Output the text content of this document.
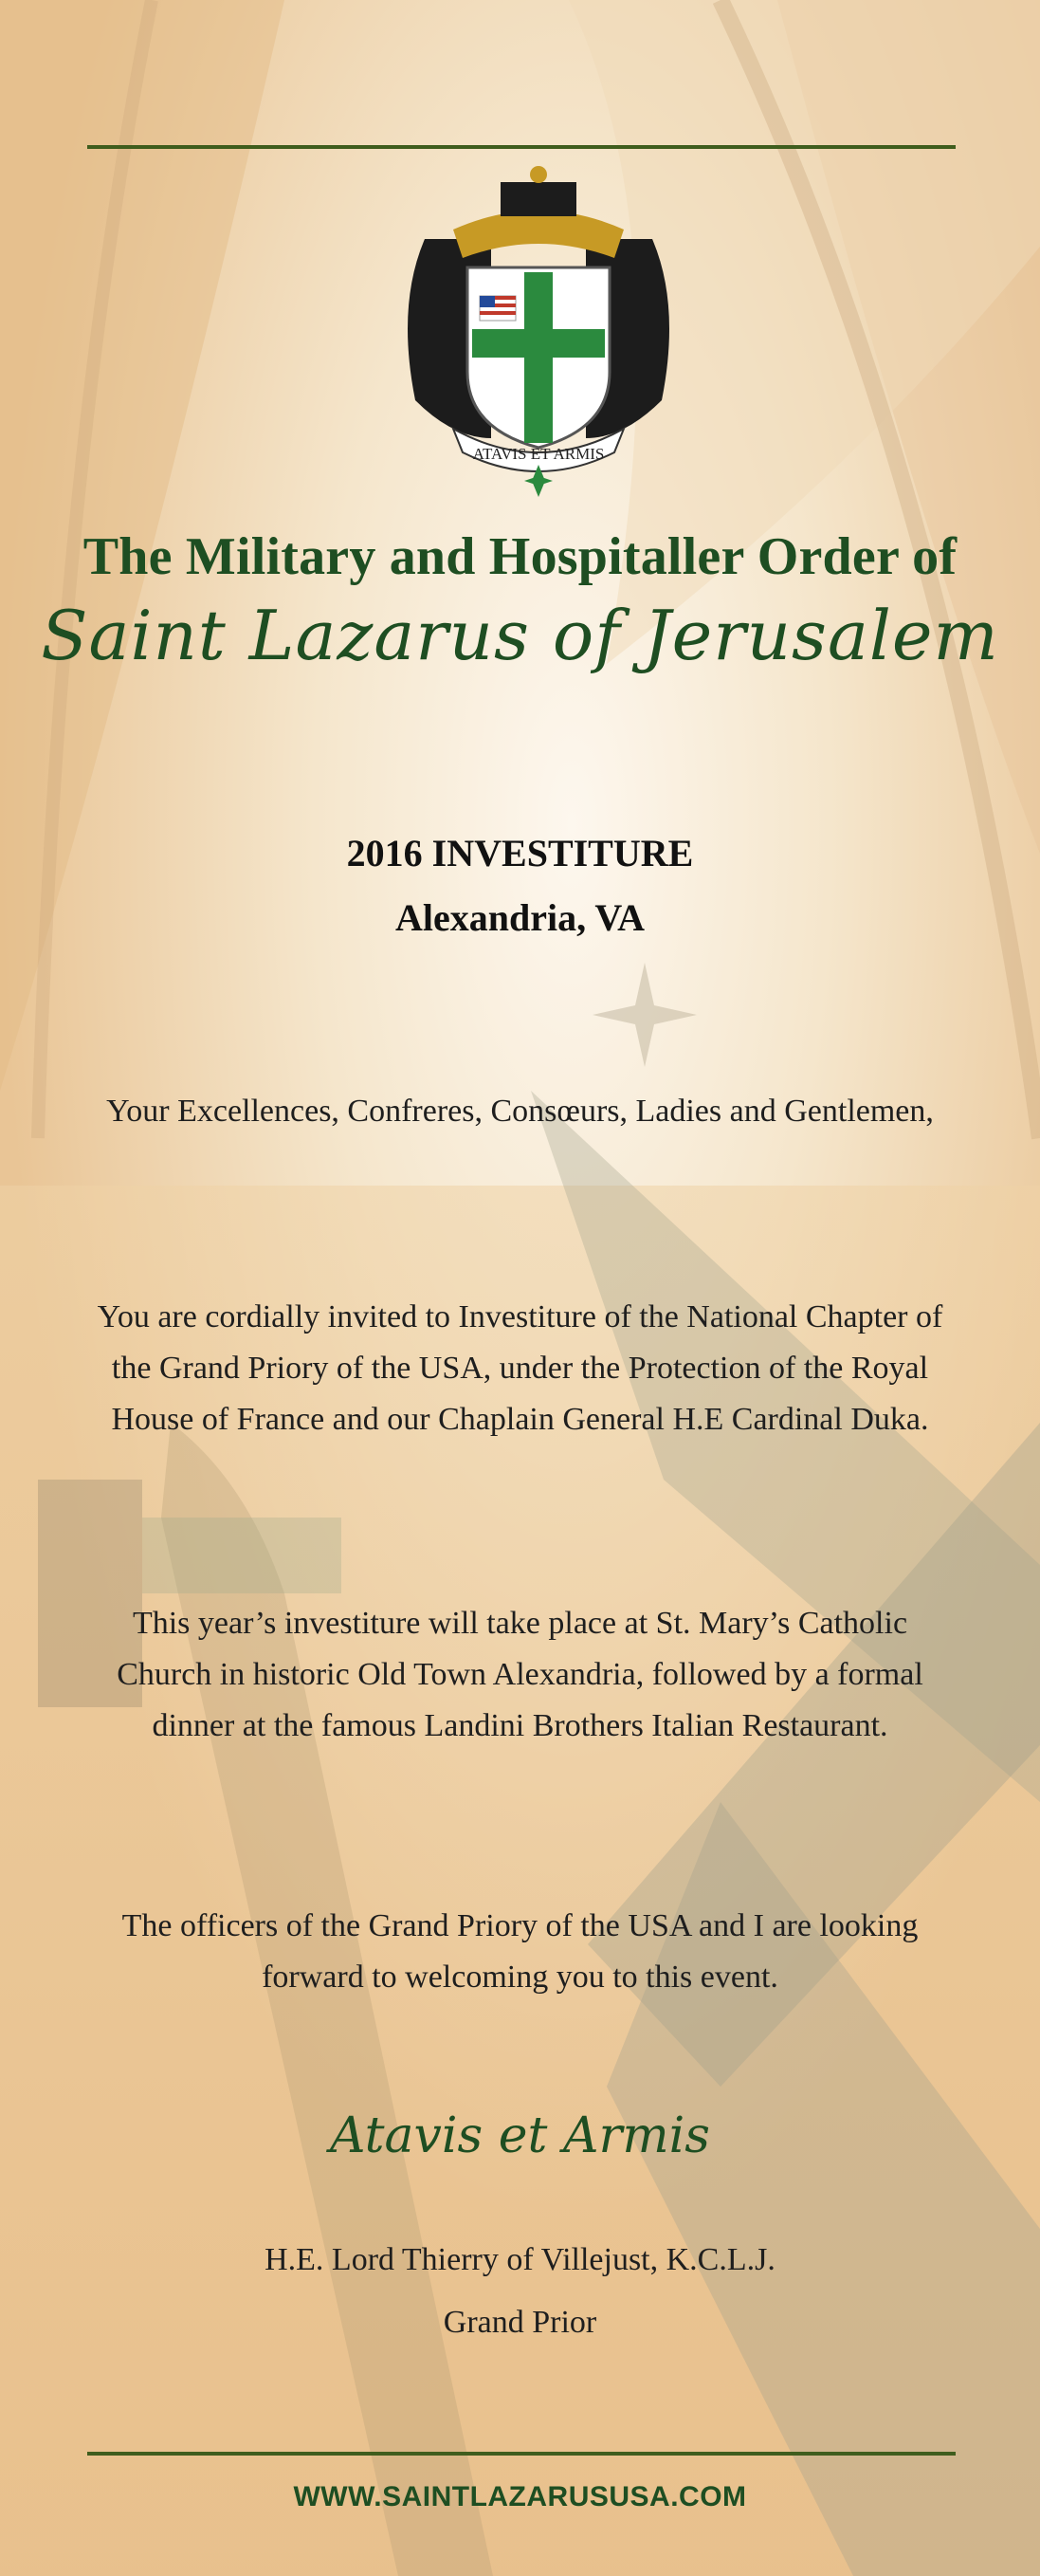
ATAVIS ET ARMIS
The Military and Hospitaller Order of
Saint Lazarus of Jerusalem
2016 INVESTITURE
Alexandria, VA
Your Excellences, Confreres, Consœurs, Ladies and Gentlemen,
You are cordially invited to Investiture of the National Chapter of the Grand Priory of the USA, under the Protection of the Royal House of France and our Chaplain General H.E Cardinal Duka.
This year’s investiture will take place at St. Mary’s Catholic Church in historic Old Town Alexandria, followed by a formal dinner at the famous Landini Brothers Italian Restaurant.
The officers of the Grand Priory of the USA and I are looking forward to welcoming you to this event.
Atavis et Armis
H.E. Lord Thierry of Villejust, K.C.L.J.
Grand Prior
WWW.SAINTLAZARUSUSA.COM
